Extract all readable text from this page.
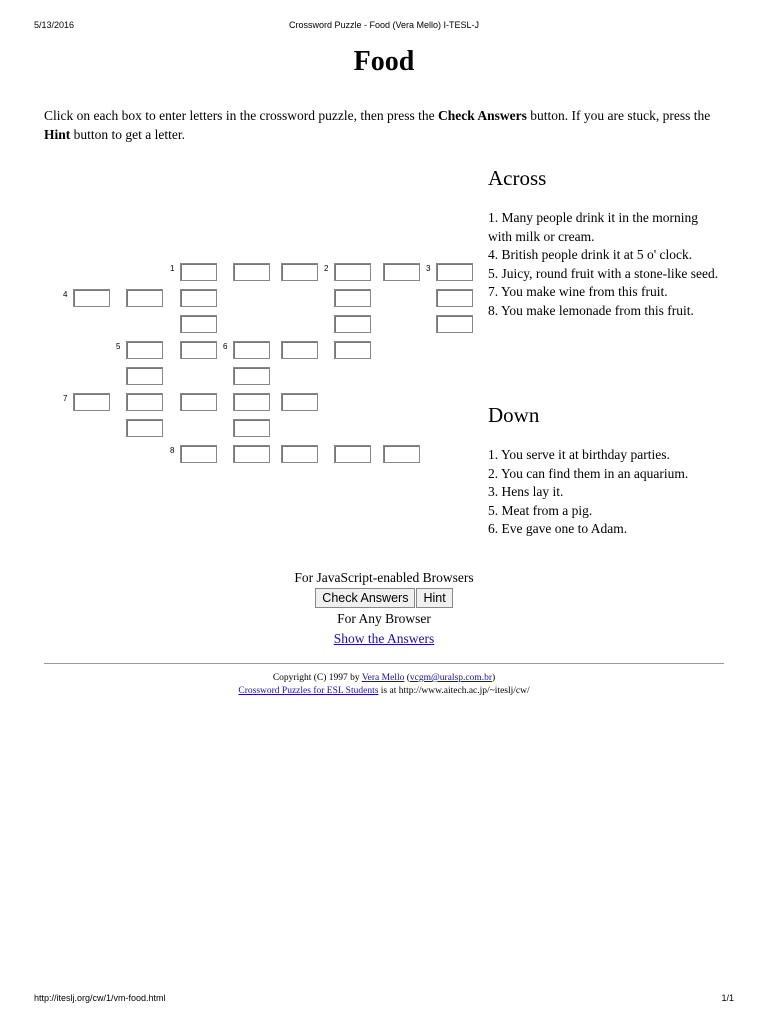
5/13/2016	Crossword Puzzle - Food (Vera Mello) I-TESL-J
Food
Click on each box to enter letters in the crossword puzzle, then press the Check Answers button. If you are stuck, press the Hint button to get a letter.
1	2	3
4
5	6
7
8
Across
1. Many people drink it in the morning with milk or cream.
4. British people drink it at 5 o' clock.
5. Juicy, round fruit with a stone-like seed.
7. You make wine from this fruit.
8. You make lemonade from this fruit.
Down
1. You serve it at birthday parties.
2. You can find them in an aquarium.
3. Hens lay it.
5. Meat from a pig.
6. Eve gave one to Adam.
For JavaScript-enabled Browsers
Check Answers Hint
For Any Browser
Show the Answers
Copyright (C) 1997 by Vera Mello (vcgm@uralsp.com.br)
Crossword Puzzles for ESL Students is at http://www.aitech.ac.jp/~iteslj/cw/
http://iteslj.org/cw/1/vm-food.html	1/1
